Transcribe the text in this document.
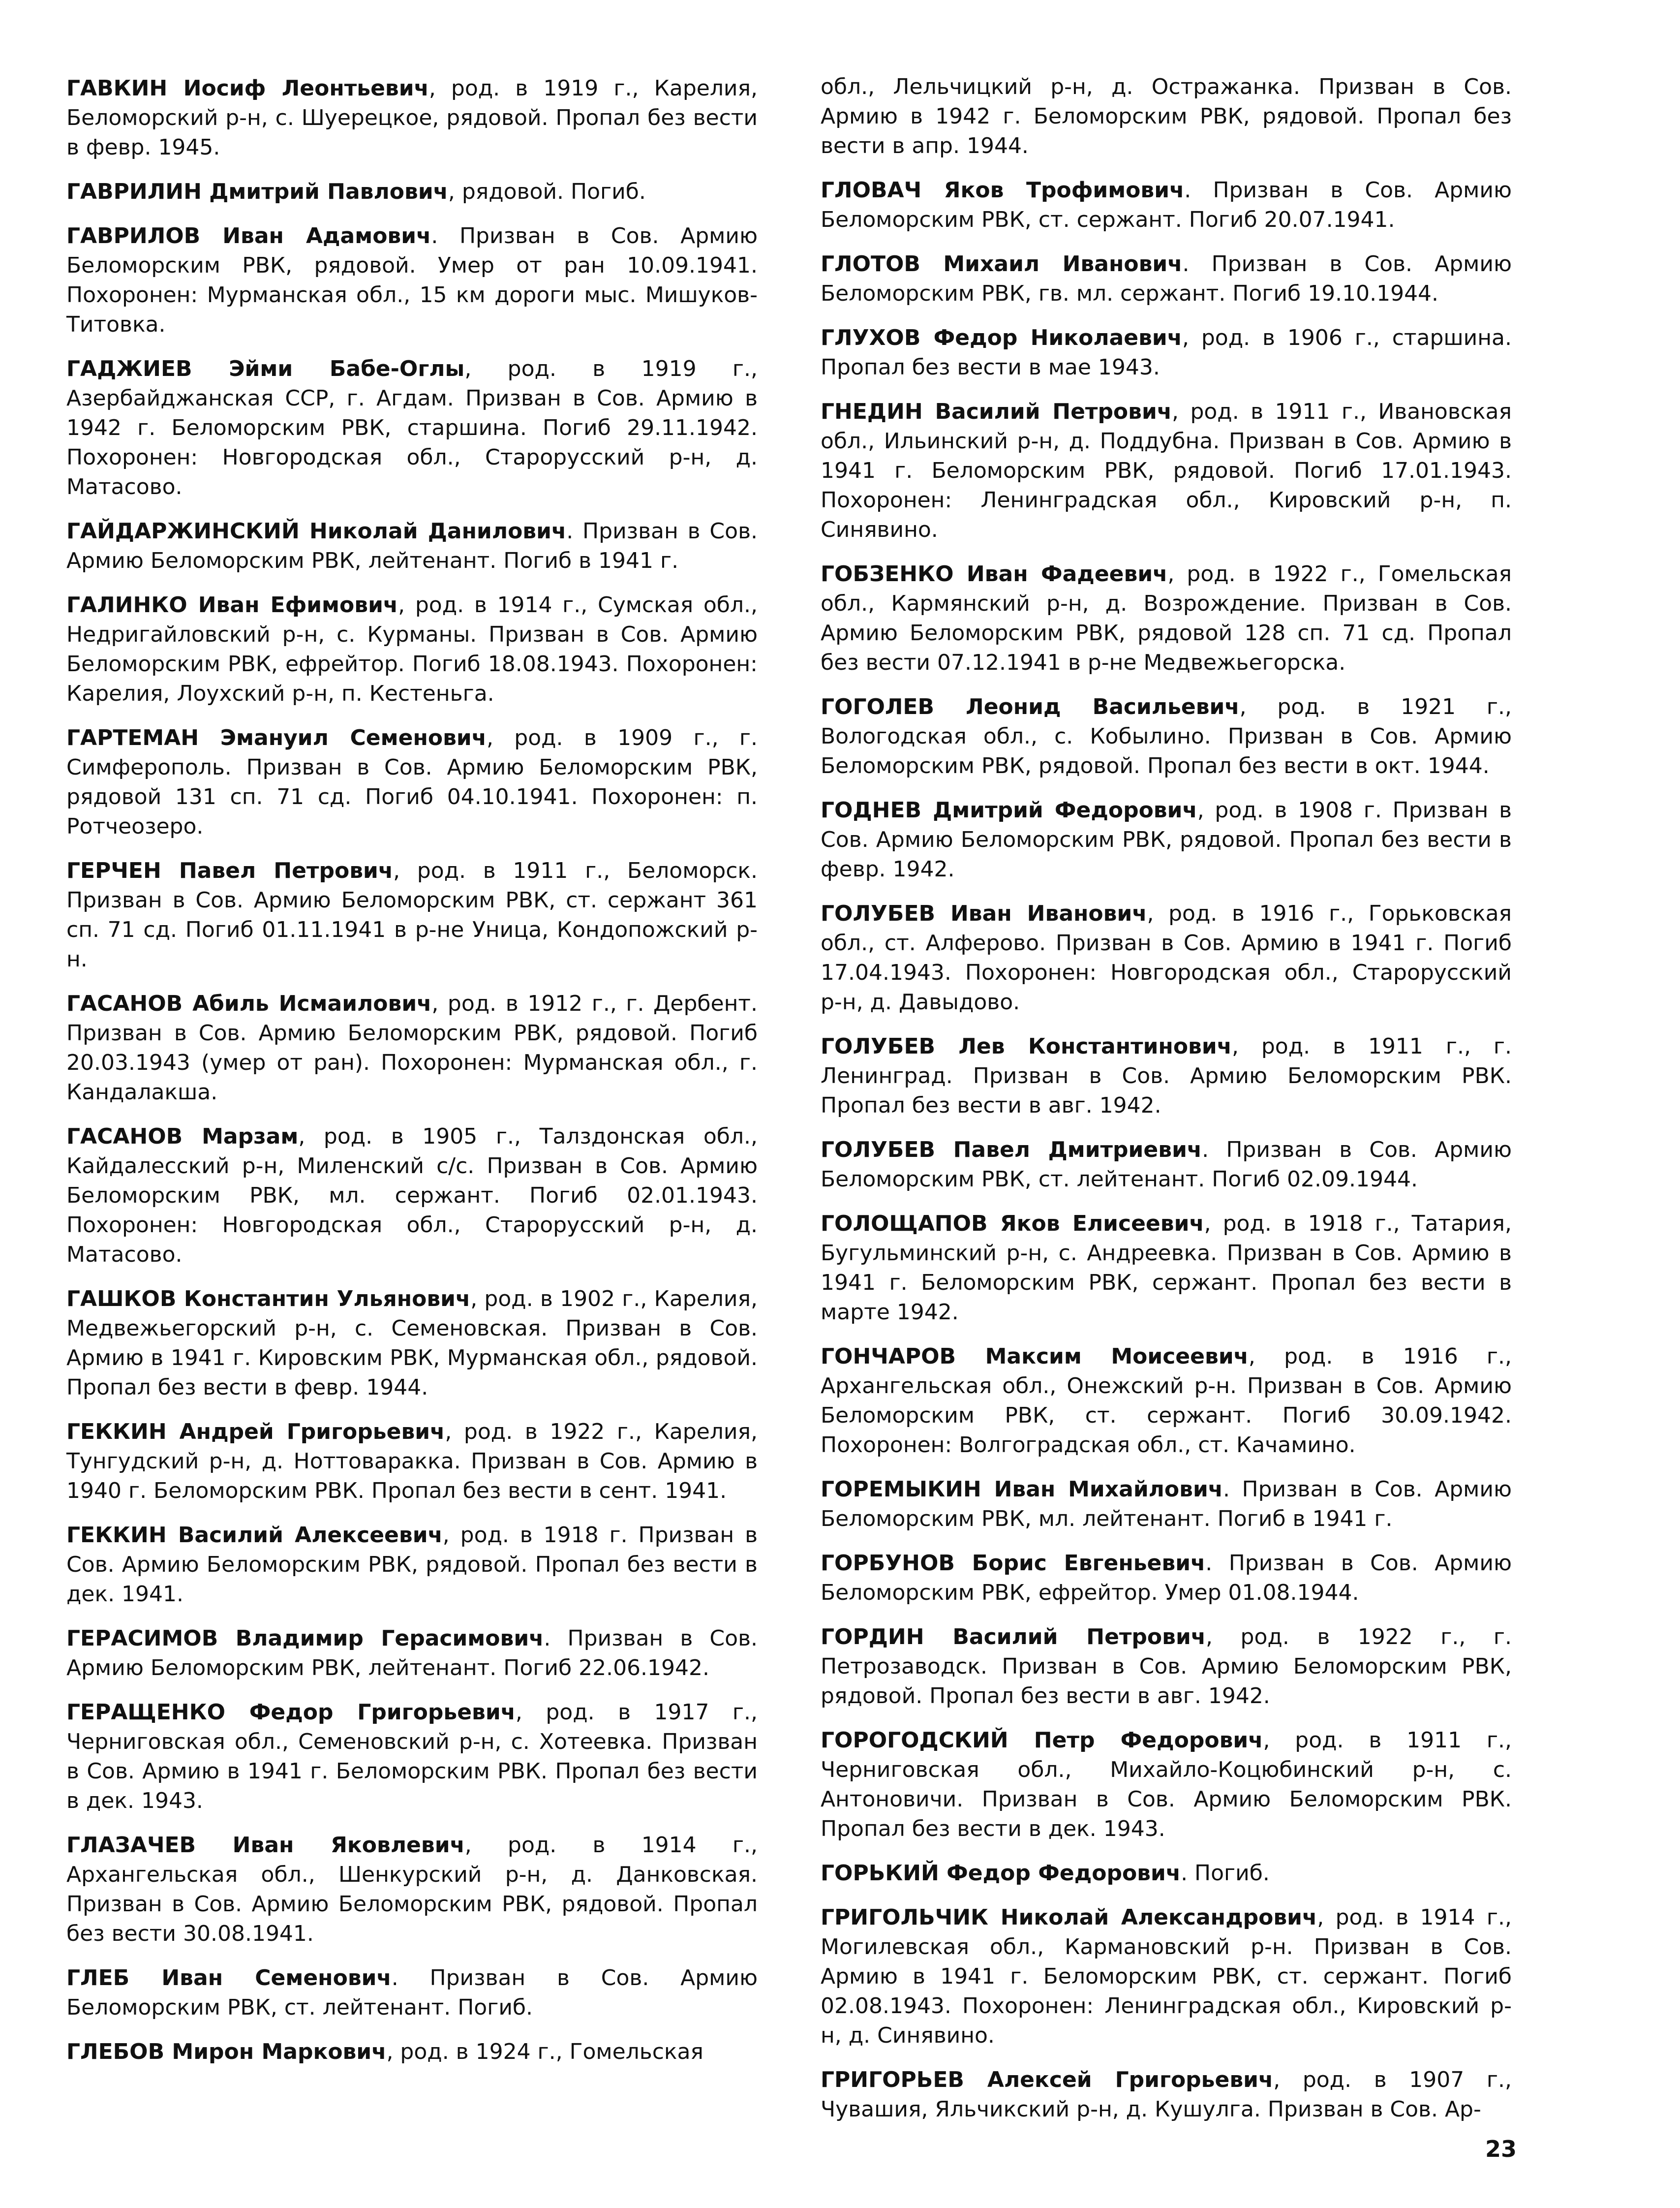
ГАВКИН Иосиф Леонтьевич, род. в 1919 г., Карелия, Беломорский р-н, с. Шуерецкое, рядовой. Пропал без вести в февр. 1945.

ГАВРИЛИН Дмитрий Павлович, рядовой. Погиб.

ГАВРИЛОВ Иван Адамович. Призван в Сов. Армию Беломорским РВК, рядовой. Умер от ран 10.09.1941. Похоронен: Мурманская обл., 15 км дороги мыс. Мишуков-Титовка.

ГАДЖИЕВ Эйми Бабе-Оглы, род. в 1919 г., Азербайджанская ССР, г. Агдам. Призван в Сов. Армию в 1942 г. Беломорским РВК, старшина. Погиб 29.11.1942. Похоронен: Новгородская обл., Старорусский р-н, д. Матасово.

ГАЙДАРЖИНСКИЙ Николай Данилович. Призван в Сов. Армию Беломорским РВК, лейтенант. Погиб в 1941 г.

ГАЛИНКО Иван Ефимович, род. в 1914 г., Сумская обл., Недригайловский р-н, с. Курманы. Призван в Сов. Армию Беломорским РВК, ефрейтор. Погиб 18.08.1943. Похоронен: Карелия, Лоухский р-н, п. Кестеньга.

ГАРТЕМАН Эмануил Семенович, род. в 1909 г., г. Симферополь. Призван в Сов. Армию Беломорским РВК, рядовой 131 сп. 71 сд. Погиб 04.10.1941. Похоронен: п. Ротчеозеро.

ГЕРЧЕН Павел Петрович, род. в 1911 г., Беломорск. Призван в Сов. Армию Беломорским РВК, ст. сержант 361 сп. 71 сд. Погиб 01.11.1941 в р-не Уница, Кондопожский р-н.

ГАСАНОВ Абиль Исмаилович, род. в 1912 г., г. Дербент. Призван в Сов. Армию Беломорским РВК, рядовой. Погиб 20.03.1943 (умер от ран). Похоронен: Мурманская обл., г. Кандалакша.

ГАСАНОВ Марзам, род. в 1905 г., Талздонская обл., Кайдалесский р-н, Миленский с/с. Призван в Сов. Армию Беломорским РВК, мл. сержант. Погиб 02.01.1943. Похоронен: Новгородская обл., Старорусский р-н, д. Матасово.

ГАШКОВ Константин Ульянович, род. в 1902 г., Карелия, Медвежьегорский р-н, с. Семеновская. Призван в Сов. Армию в 1941 г. Кировским РВК, Мурманская обл., рядовой. Пропал без вести в февр. 1944.

ГЕККИН Андрей Григорьевич, род. в 1922 г., Карелия, Тунгудский р-н, д. Ноттоваракка. Призван в Сов. Армию в 1940 г. Беломорским РВК. Пропал без вести в сент. 1941.

ГЕККИН Василий Алексеевич, род. в 1918 г. Призван в Сов. Армию Беломорским РВК, рядовой. Пропал без вести в дек. 1941.

ГЕРАСИМОВ Владимир Герасимович. Призван в Сов. Армию Беломорским РВК, лейтенант. Погиб 22.06.1942.

ГЕРАЩЕНКО Федор Григорьевич, род. в 1917 г., Черниговская обл., Семеновский р-н, с. Хотеевка. Призван в Сов. Армию в 1941 г. Беломорским РВК. Пропал без вести в дек. 1943.

ГЛАЗАЧЕВ Иван Яковлевич, род. в 1914 г., Архангельская обл., Шенкурский р-н, д. Данковская. Призван в Сов. Армию Беломорским РВК, рядовой. Пропал без вести 30.08.1941.

ГЛЕБ Иван Семенович. Призван в Сов. Армию Беломорским РВК, ст. лейтенант. Погиб.

ГЛЕБОВ Мирон Маркович, род. в 1924 г., Гомельская

обл., Лельчицкий р-н, д. Остражанка. Призван в Сов. Армию в 1942 г. Беломорским РВК, рядовой. Пропал без вести в апр. 1944.

ГЛОВАЧ Яков Трофимович. Призван в Сов. Армию Беломорским РВК, ст. сержант. Погиб 20.07.1941.

ГЛОТОВ Михаил Иванович. Призван в Сов. Армию Беломорским РВК, гв. мл. сержант. Погиб 19.10.1944.

ГЛУХОВ Федор Николаевич, род. в 1906 г., старшина. Пропал без вести в мае 1943.

ГНЕДИН Василий Петрович, род. в 1911 г., Ивановская обл., Ильинский р-н, д. Поддубна. Призван в Сов. Армию в 1941 г. Беломорским РВК, рядовой. Погиб 17.01.1943. Похоронен: Ленинградская обл., Кировский р-н, п. Синявино.

ГОБЗЕНКО Иван Фадеевич, род. в 1922 г., Гомельская обл., Кармянский р-н, д. Возрождение. Призван в Сов. Армию Беломорским РВК, рядовой 128 сп. 71 сд. Пропал без вести 07.12.1941 в р-не Медвежьегорска.

ГОГОЛЕВ Леонид Васильевич, род. в 1921 г., Вологодская обл., с. Кобылино. Призван в Сов. Армию Беломорским РВК, рядовой. Пропал без вести в окт. 1944.

ГОДНЕВ Дмитрий Федорович, род. в 1908 г. Призван в Сов. Армию Беломорским РВК, рядовой. Пропал без вести в февр. 1942.

ГОЛУБЕВ Иван Иванович, род. в 1916 г., Горьковская обл., ст. Алферово. Призван в Сов. Армию в 1941 г. Погиб 17.04.1943. Похоронен: Новгородская обл., Старорусский р-н, д. Давыдово.

ГОЛУБЕВ Лев Константинович, род. в 1911 г., г. Ленинград. Призван в Сов. Армию Беломорским РВК. Пропал без вести в авг. 1942.

ГОЛУБЕВ Павел Дмитриевич. Призван в Сов. Армию Беломорским РВК, ст. лейтенант. Погиб 02.09.1944.

ГОЛОЩАПОВ Яков Елисеевич, род. в 1918 г., Татария, Бугульминский р-н, с. Андреевка. Призван в Сов. Армию в 1941 г. Беломорским РВК, сержант. Пропал без вести в марте 1942.

ГОНЧАРОВ Максим Моисеевич, род. в 1916 г., Архангельская обл., Онежский р-н. Призван в Сов. Армию Беломорским РВК, ст. сержант. Погиб 30.09.1942. Похоронен: Волгоградская обл., ст. Качамино.

ГОРЕМЫКИН Иван Михайлович. Призван в Сов. Армию Беломорским РВК, мл. лейтенант. Погиб в 1941 г.

ГОРБУНОВ Борис Евгеньевич. Призван в Сов. Армию Беломорским РВК, ефрейтор. Умер 01.08.1944.

ГОРДИН Василий Петрович, род. в 1922 г., г. Петрозаводск. Призван в Сов. Армию Беломорским РВК, рядовой. Пропал без вести в авг. 1942.

ГОРОГОДСКИЙ Петр Федорович, род. в 1911 г., Черниговская обл., Михайло-Коцюбинский р-н, с. Антоновичи. Призван в Сов. Армию Беломорским РВК. Пропал без вести в дек. 1943.

ГОРЬКИЙ Федор Федорович. Погиб.

ГРИГОЛЬЧИК Николай Александрович, род. в 1914 г., Могилевская обл., Кармановский р-н. Призван в Сов. Армию в 1941 г. Беломорским РВК, ст. сержант. Погиб 02.08.1943. Похоронен: Ленинградская обл., Кировский р-н, д. Синявино.

ГРИГОРЬЕВ Алексей Григорьевич, род. в 1907 г., Чувашия, Яльчикский р-н, д. Кушулга. Призван в Сов. Ар-

23
